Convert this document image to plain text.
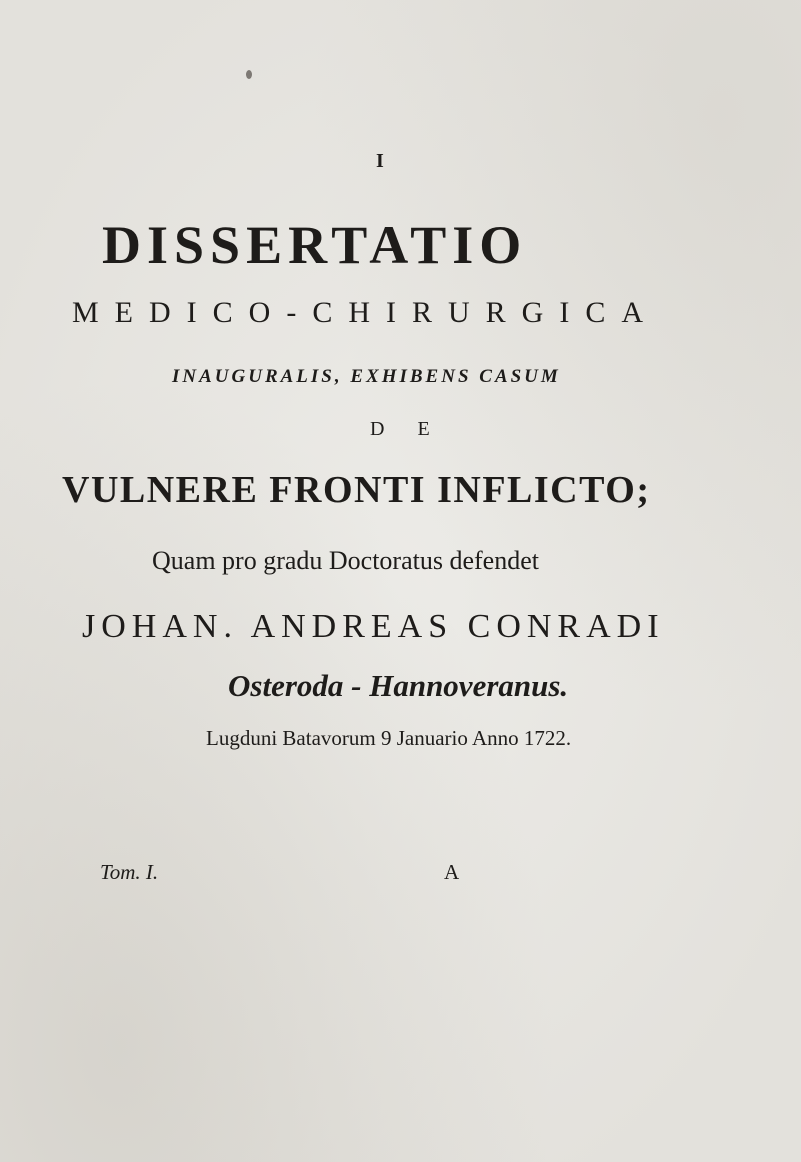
I
DISSERTATIO
MEDICO-CHIRURGICA
INAUGURALIS, EXHIBENS CASUM
D E
VULNERE FRONTI INFLICTO;
Quam pro gradu Doctoratus defendet
JOHAN. ANDREAS CONRADI
Osteroda - Hannoveranus.
Lugduni Batavorum 9 Januario Anno 1722.
Tom. I.	A
